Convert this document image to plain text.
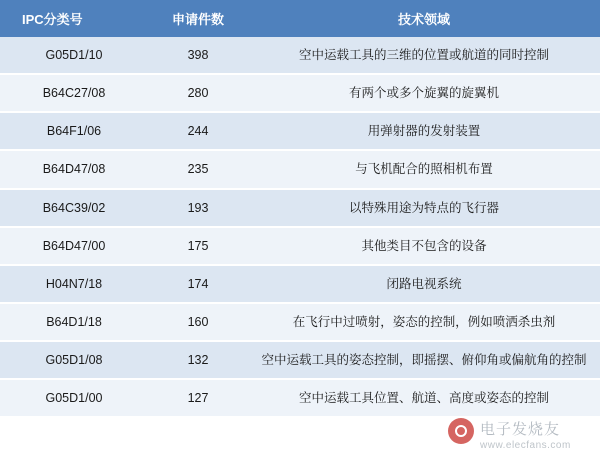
IPC分类号	申请件数	技术领域
G05D1/10	398	空中运载工具的三维的位置或航道的同时控制
B64C27/08	280	有两个或多个旋翼的旋翼机
B64F1/06	244	用弹射器的发射装置
B64D47/08	235	与飞机配合的照相机布置
B64C39/02	193	以特殊用途为特点的飞行器
B64D47/00	175	其他类目不包含的设备
H04N7/18	174	闭路电视系统
B64D1/18	160	在飞行中过喷射，姿态的控制，例如喷洒杀虫剂
G05D1/08	132	空中运载工具的姿态控制，即摇摆、俯仰角或偏航角的控制
G05D1/00	127	空中运载工具位置、航道、高度或姿态的控制
电子发烧友
www.elecfans.com
